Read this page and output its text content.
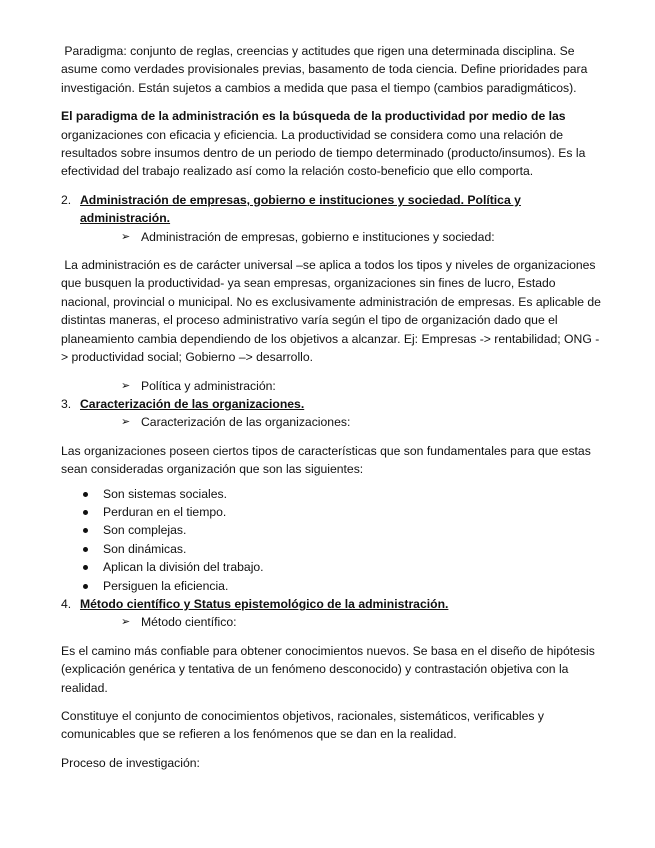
Paradigma: conjunto de reglas, creencias y actitudes que rigen una determinada disciplina. Se asume como verdades provisionales previas, basamento de toda ciencia. Define prioridades para investigación. Están sujetos a cambios a medida que pasa el tiempo (cambios paradigmáticos).

El paradigma de la administración es la búsqueda de la productividad por medio de las organizaciones con eficacia y eficiencia. La productividad se considera como una relación de resultados sobre insumos dentro de un periodo de tiempo determinado (producto/insumos). Es la efectividad del trabajo realizado así como la relación costo-beneficio que ello comporta.

2. Administración de empresas, gobierno e instituciones y sociedad. Política y administración.

➢ Administración de empresas, gobierno e instituciones y sociedad:

La administración es de carácter universal –se aplica a todos los tipos y niveles de organizaciones que busquen la productividad- ya sean empresas, organizaciones sin fines de lucro, Estado nacional, provincial o municipal. No es exclusivamente administración de empresas. Es aplicable de distintas maneras, el proceso administrativo varía según el tipo de organización dado que el planeamiento cambia dependiendo de los objetivos a alcanzar. Ej: Empresas -> rentabilidad; ONG -> productividad social; Gobierno –> desarrollo.

➢ Política y administración:

3. Caracterización de las organizaciones.

➢ Caracterización de las organizaciones:

Las organizaciones poseen ciertos tipos de características que son fundamentales para que estas sean consideradas organización que son las siguientes:

Son sistemas sociales.
Perduran en el tiempo.
Son complejas.
Son dinámicas.
Aplican la división del trabajo.
Persiguen la eficiencia.
4. Método científico y Status epistemológico de la administración.

➢ Método científico:

Es el camino más confiable para obtener conocimientos nuevos. Se basa en el diseño de hipótesis (explicación genérica y tentativa de un fenómeno desconocido) y contrastación objetiva con la realidad.

Constituye el conjunto de conocimientos objetivos, racionales, sistemáticos, verificables y comunicables que se refieren a los fenómenos que se dan en la realidad.

Proceso de investigación:
